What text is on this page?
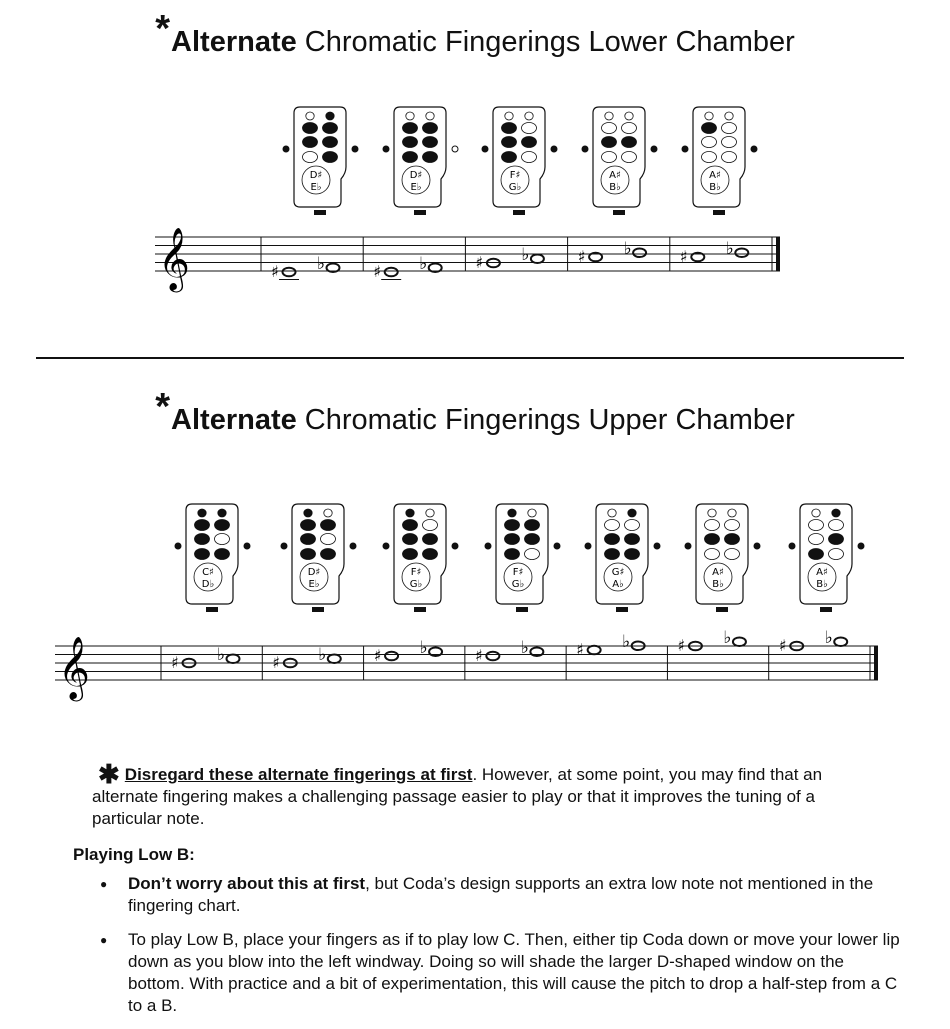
*Alternate Chromatic Fingerings Lower Chamber
D♯
E♭
D♯
E♭
F♯
G♭
A♯
B♭
A♯
B♭
𝄞	♯ ♭	♯ ♭	♯ ♭	♯ ♭	♯ ♭
*Alternate Chromatic Fingerings Upper Chamber
C♯
D♭
D♯
E♭
F♯
G♭
F♯
G♭
G♯
A♭
A♯
B♭
A♯
B♭
𝄞	♯ ♭	♯ ♭	♯ ♭	♯ ♭	♯ ♭	♯ ♭	♯ ♭
✱ Disregard these alternate fingerings at first. However, at some point, you may find that an alternate fingering makes a challenging passage easier to play or that it improves the tuning of a particular note.
Playing Low B:
● Don’t worry about this at first, but Coda’s design supports an extra low note not mentioned in the fingering chart.
● To play Low B, place your fingers as if to play low C. Then, either tip Coda down or move your lower lip down as you blow into the left windway. Doing so will shade the larger D-shaped window on the bottom. With practice and a bit of experimentation, this will cause the pitch to drop a half-step from a C to a B.
